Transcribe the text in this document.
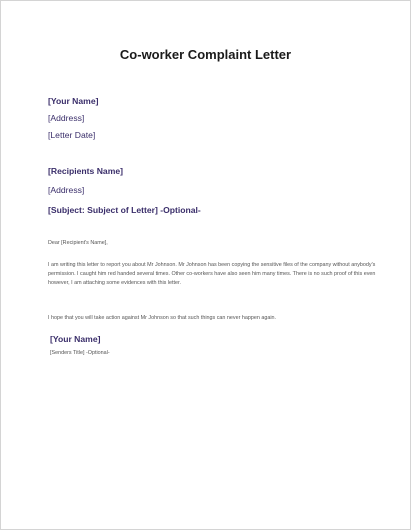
Co-worker Complaint Letter
[Your Name]
[Address]
[Letter Date]
[Recipients Name]
[Address]
[Subject: Subject of Letter] -Optional-
Dear [Recipient's Name],
I am writing this letter to report you about Mr Johnson. Mr Johnson has been copying the sensitive files of the company without anybody's permission. I caught him red handed several times. Other co-workers have also seen him many times. There is no such proof of this even however, I am attaching some evidences with this letter.
I hope that you will take action against Mr Johnson so that such things can never happen again.
[Your Name]
[Senders Title] -Optional-
